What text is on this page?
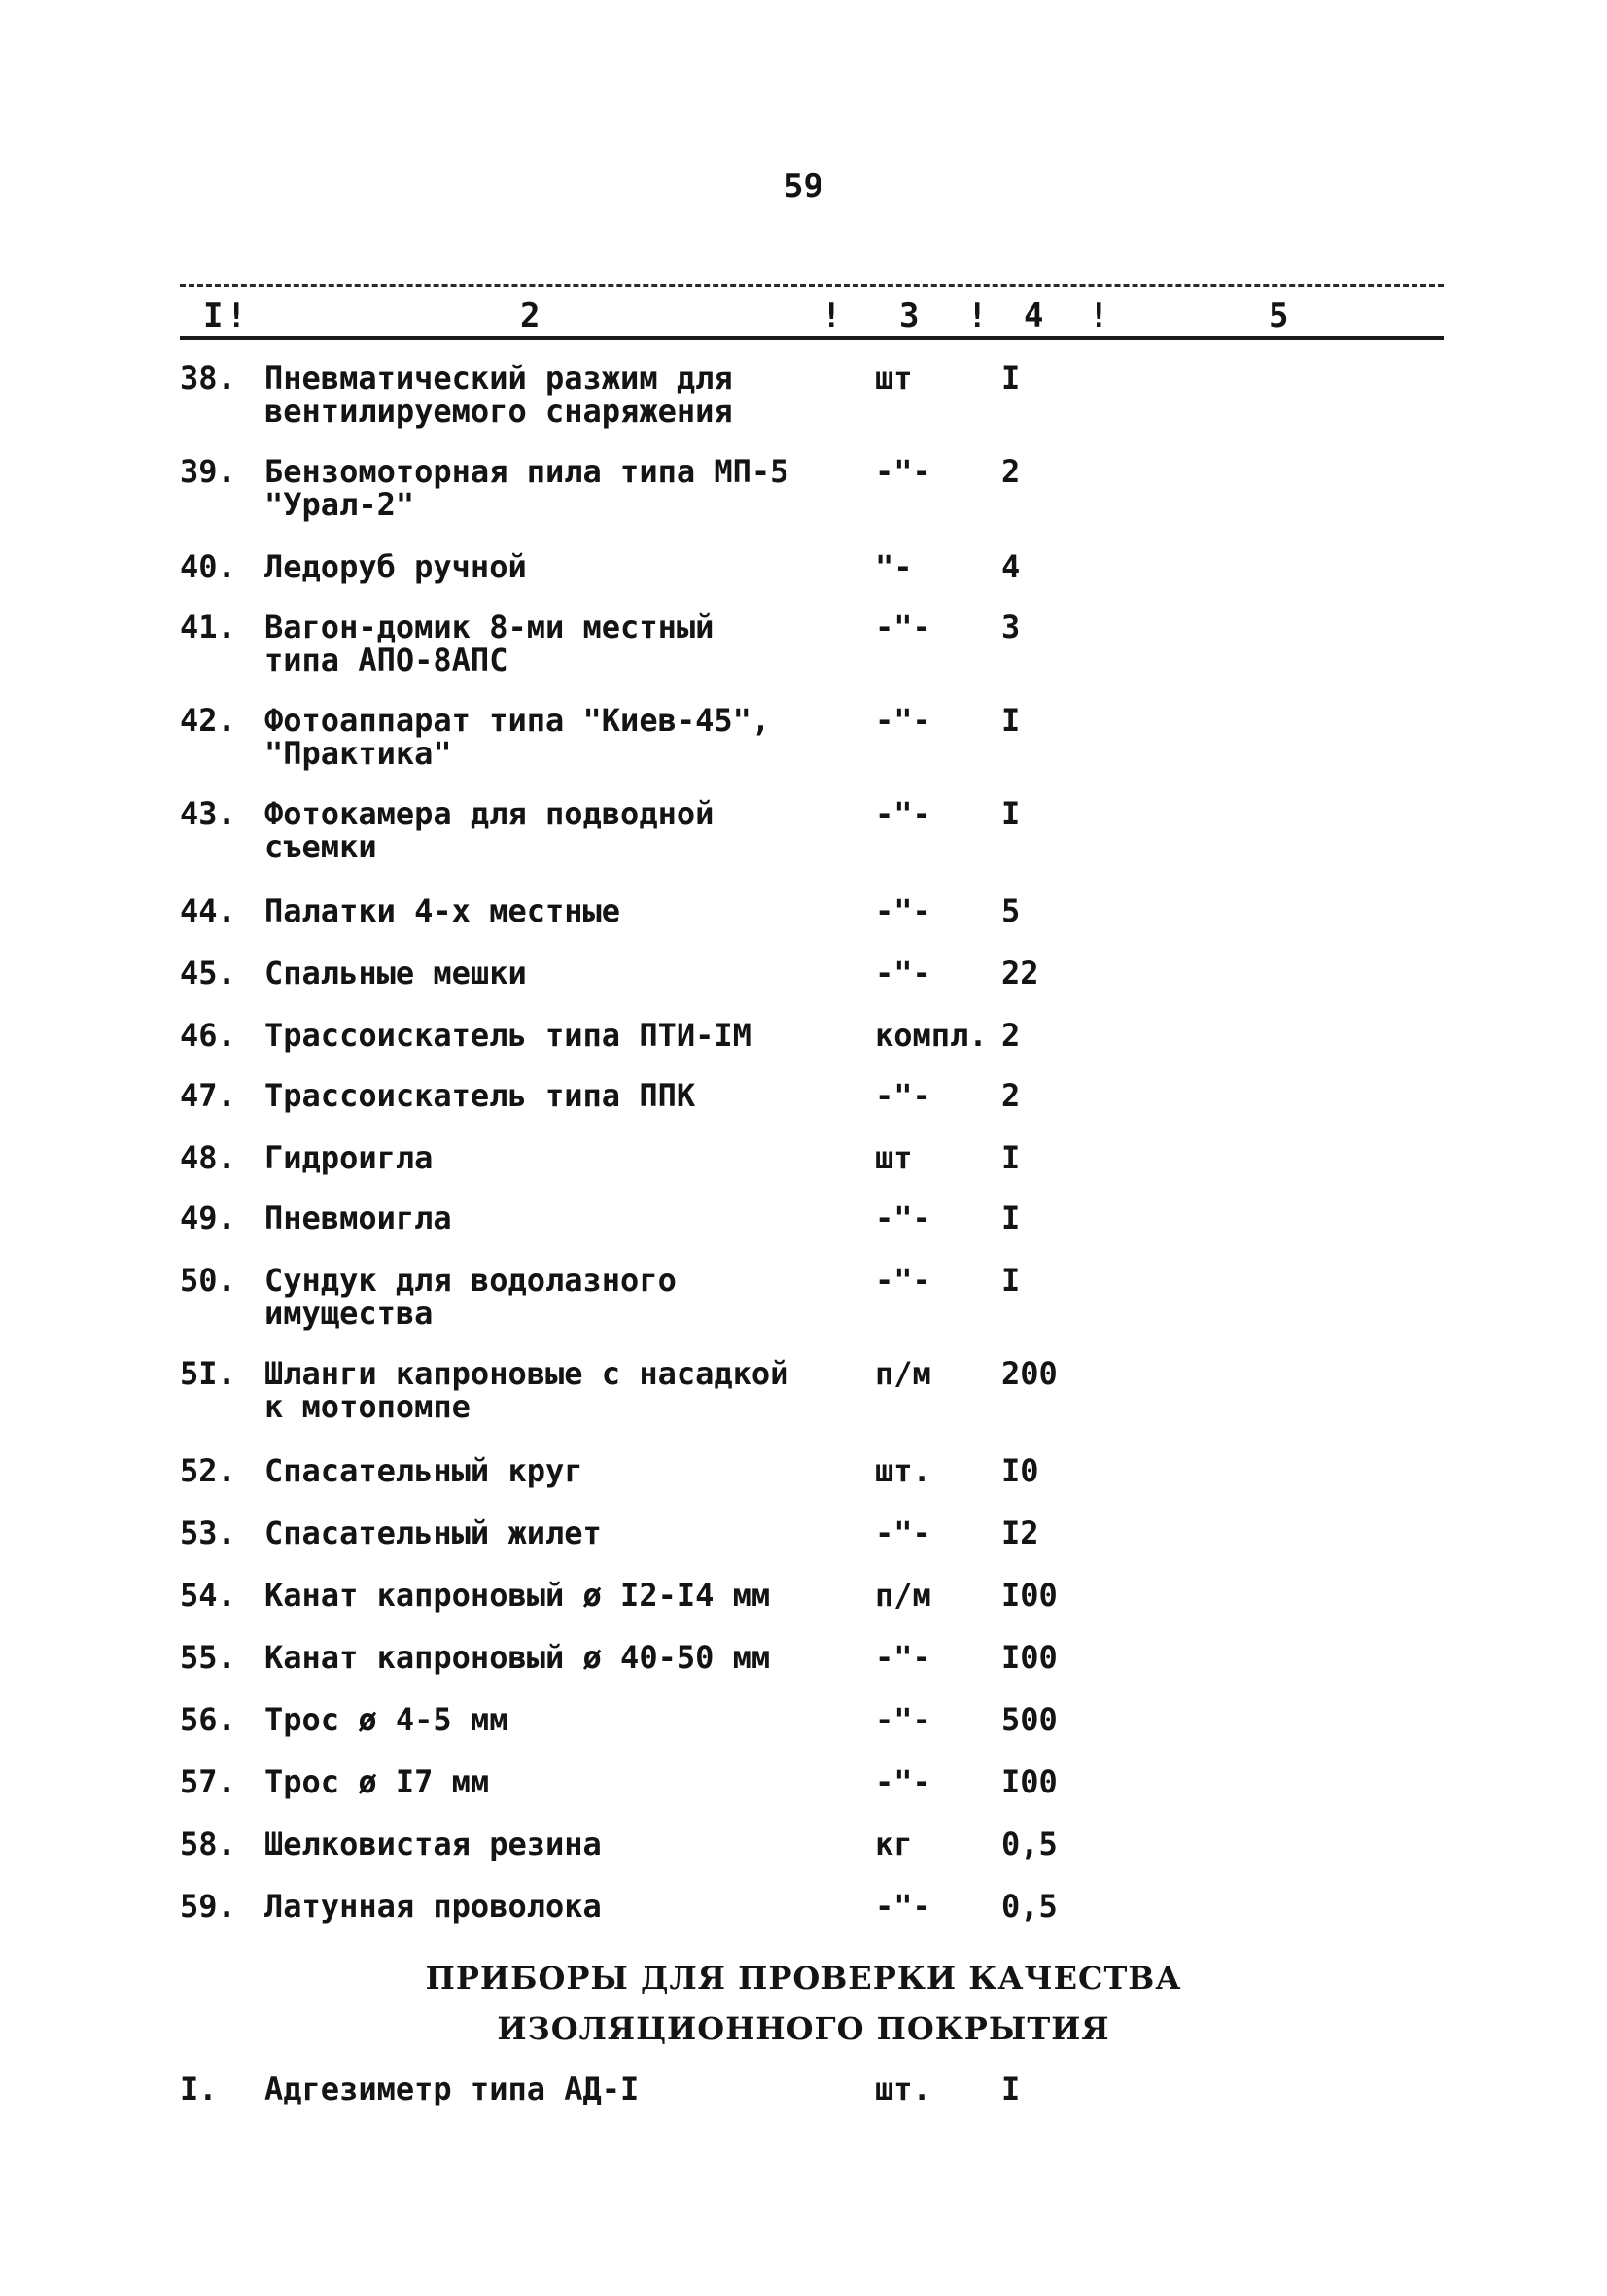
59
I !	2	! 3 ! 4 !	5
38. Пневматический разжим для
вентилируемого снаряжения
шт	I
39. Бензомоторная пила типа МП-5
"Урал-2"
-"-	2
40. Ледоруб ручной	"-	4
41. Вагон-домик 8-ми местный
типа АПО-8АПС
-"-	3
42. Фотоаппарат типа "Киев-45",
"Практика"
-"-	I
43. Фотокамера для подводной
съемки
-"-	I
44. Палатки 4-х местные	-"-	5
45. Спальные мешки	-"-	22
46. Трассоискатель типа ПТИ-IМ	компл. 2
47. Трассоискатель типа ППК	-"-	2
48. Гидроигла	шт	I
49. Пневмоигла	-"-	I
50. Сундук для водолазного
имущества
-"-	I
5I. Шланги капроновые с насадкой
к мотопомпе
п/м	200
52. Спасательный круг	шт.	I0
53. Спасательный жилет	-"-	I2
54. Канат капроновый ø I2-I4 мм	п/м	I00
55. Канат капроновый ø 40-50 мм	-"-	I00
56. Трос ø 4-5 мм	-"-	500
57. Трос ø I7 мм	-"-	I00
58. Шелковистая резина	кг	0,5
59. Латунная проволока	-"-	0,5
ПРИБОРЫ ДЛЯ ПРОВЕРКИ КАЧЕСТВА
ИЗОЛЯЦИОННОГО ПОКРЫТИЯ
I.	Адгезиметр типа АД-I	шт.	I
